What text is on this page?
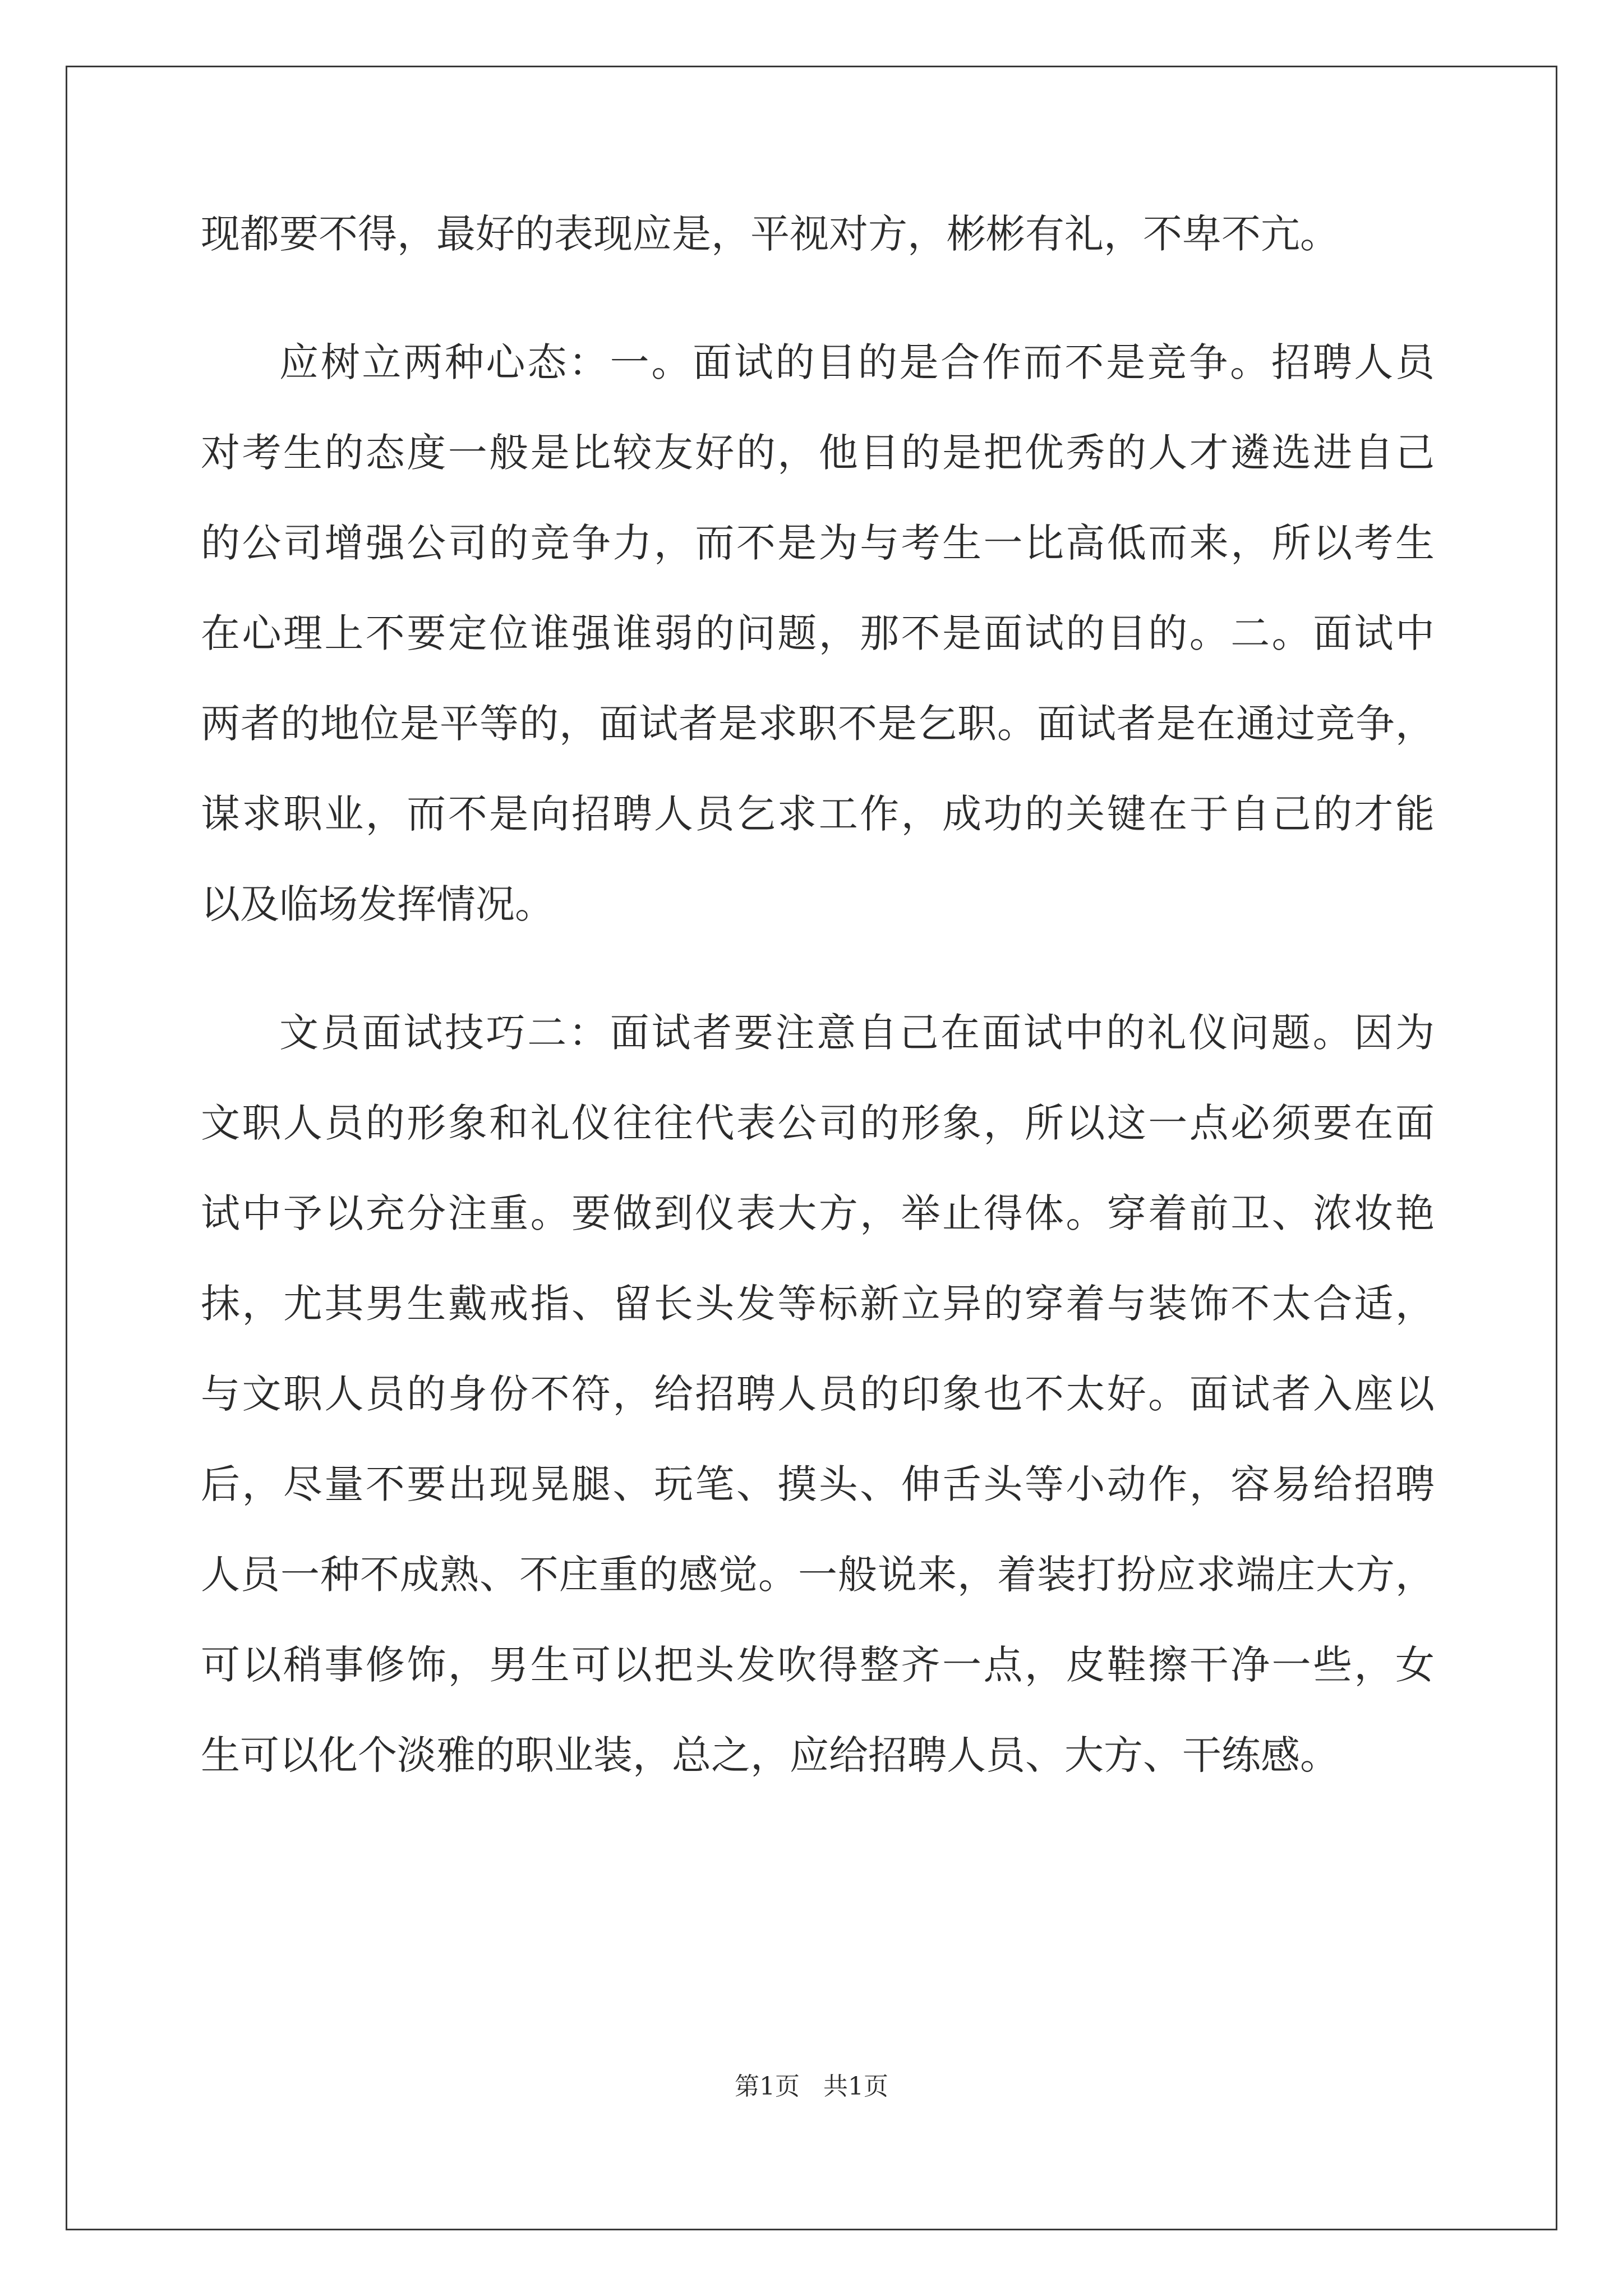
现都要不得，最好的表现应是，平视对方，彬彬有礼，不卑不亢。
应树立两种心态：一。面试的目的是合作而不是竞争。招聘人员
对考生的态度一般是比较友好的，他目的是把优秀的人才遴选进自己
的公司增强公司的竞争力，而不是为与考生一比高低而来，所以考生
在心理上不要定位谁强谁弱的问题，那不是面试的目的。二。面试中
两者的地位是平等的，面试者是求职不是乞职。面试者是在通过竞争，
谋求职业，而不是向招聘人员乞求工作，成功的关键在于自己的才能
以及临场发挥情况。
文员面试技巧二：面试者要注意自己在面试中的礼仪问题。因为
文职人员的形象和礼仪往往代表公司的形象，所以这一点必须要在面
试中予以充分注重。要做到仪表大方，举止得体。穿着前卫、浓妆艳
抹，尤其男生戴戒指、留长头发等标新立异的穿着与装饰不太合适，
与文职人员的身份不符，给招聘人员的印象也不太好。面试者入座以
后，尽量不要出现晃腿、玩笔、摸头、伸舌头等小动作，容易给招聘
人员一种不成熟、不庄重的感觉。一般说来，着装打扮应求端庄大方，
可以稍事修饰，男生可以把头发吹得整齐一点，皮鞋擦干净一些，女
生可以化个淡雅的职业装，总之，应给招聘人员、大方、干练感。
第1页   共1页
